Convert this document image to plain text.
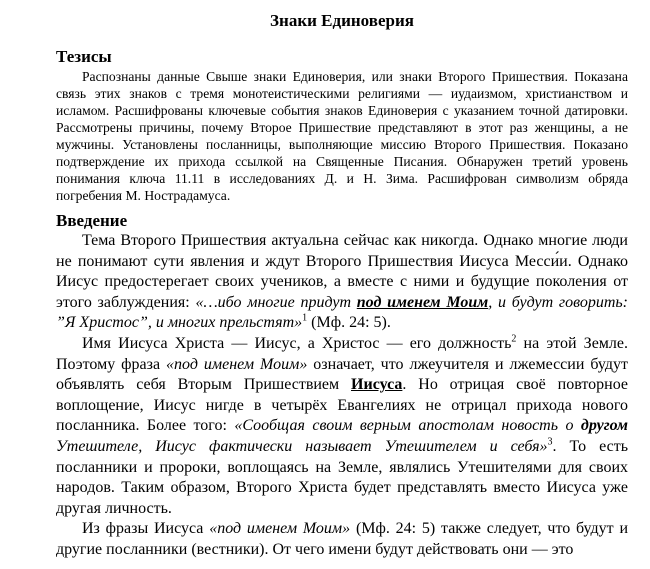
Знаки Единоверия
Тезисы

Распознаны данные Свыше знаки Единоверия, или знаки Второго Пришествия. Показана связь этих знаков с тремя монотеистическими религиями — иудаизмом, христианством и исламом. Расшифрованы ключевые события знаков Единоверия с указанием точной датировки. Рассмотрены причины, почему Второе Пришествие представляют в этот раз женщины, а не мужчины. Установлены посланницы, выполняющие миссию Второго Пришествия. Показано подтверждение их прихода ссылкой на Священные Писания. Обнаружен третий уровень понимания ключа 11.11 в исследованиях Д. и Н. Зима. Расшифрован символизм обряда погребения М. Нострадамуса.

Введение

Тема Второго Пришествия актуальна сейчас как никогда. Однако многие люди не понимают сути явления и ждут Второго Пришествия Иисуса Месси́и. Однако Иисус предостерегает своих учеников, а вместе с ними и будущие поколения от этого заблуждения: «…ибо многие придут под именем Моим, и будут говорить: ”Я Христос”, и многих прельстят»$^1$ (Мф. 24: 5).

Имя Иисуса Христа — Иисус, а Христос — его должность$^2$ на этой Земле. Поэтому фраза «под именем Моим» означает, что лжеучителя и лжемессии будут объявлять себя Вторым Пришествием Иисуса. Но отрицая своё повторное воплощение, Иисус нигде в четырёх Евангелиях не отрицал прихода нового посланника. Более того: «Сообщая своим верным апостолам новость о другом Утешителе, Иисус фактически называет Утешителем и себя»$^3$. То есть посланники и пророки, воплощаясь на Земле, являлись Утешителями для своих народов. Таким образом, Второго Христа будет представлять вместо Иисуса уже другая личность.

Из фразы Иисуса «под именем Моим» (Мф. 24: 5) также следует, что будут и другие посланники (вестники). От чего имени будут действовать они — это
